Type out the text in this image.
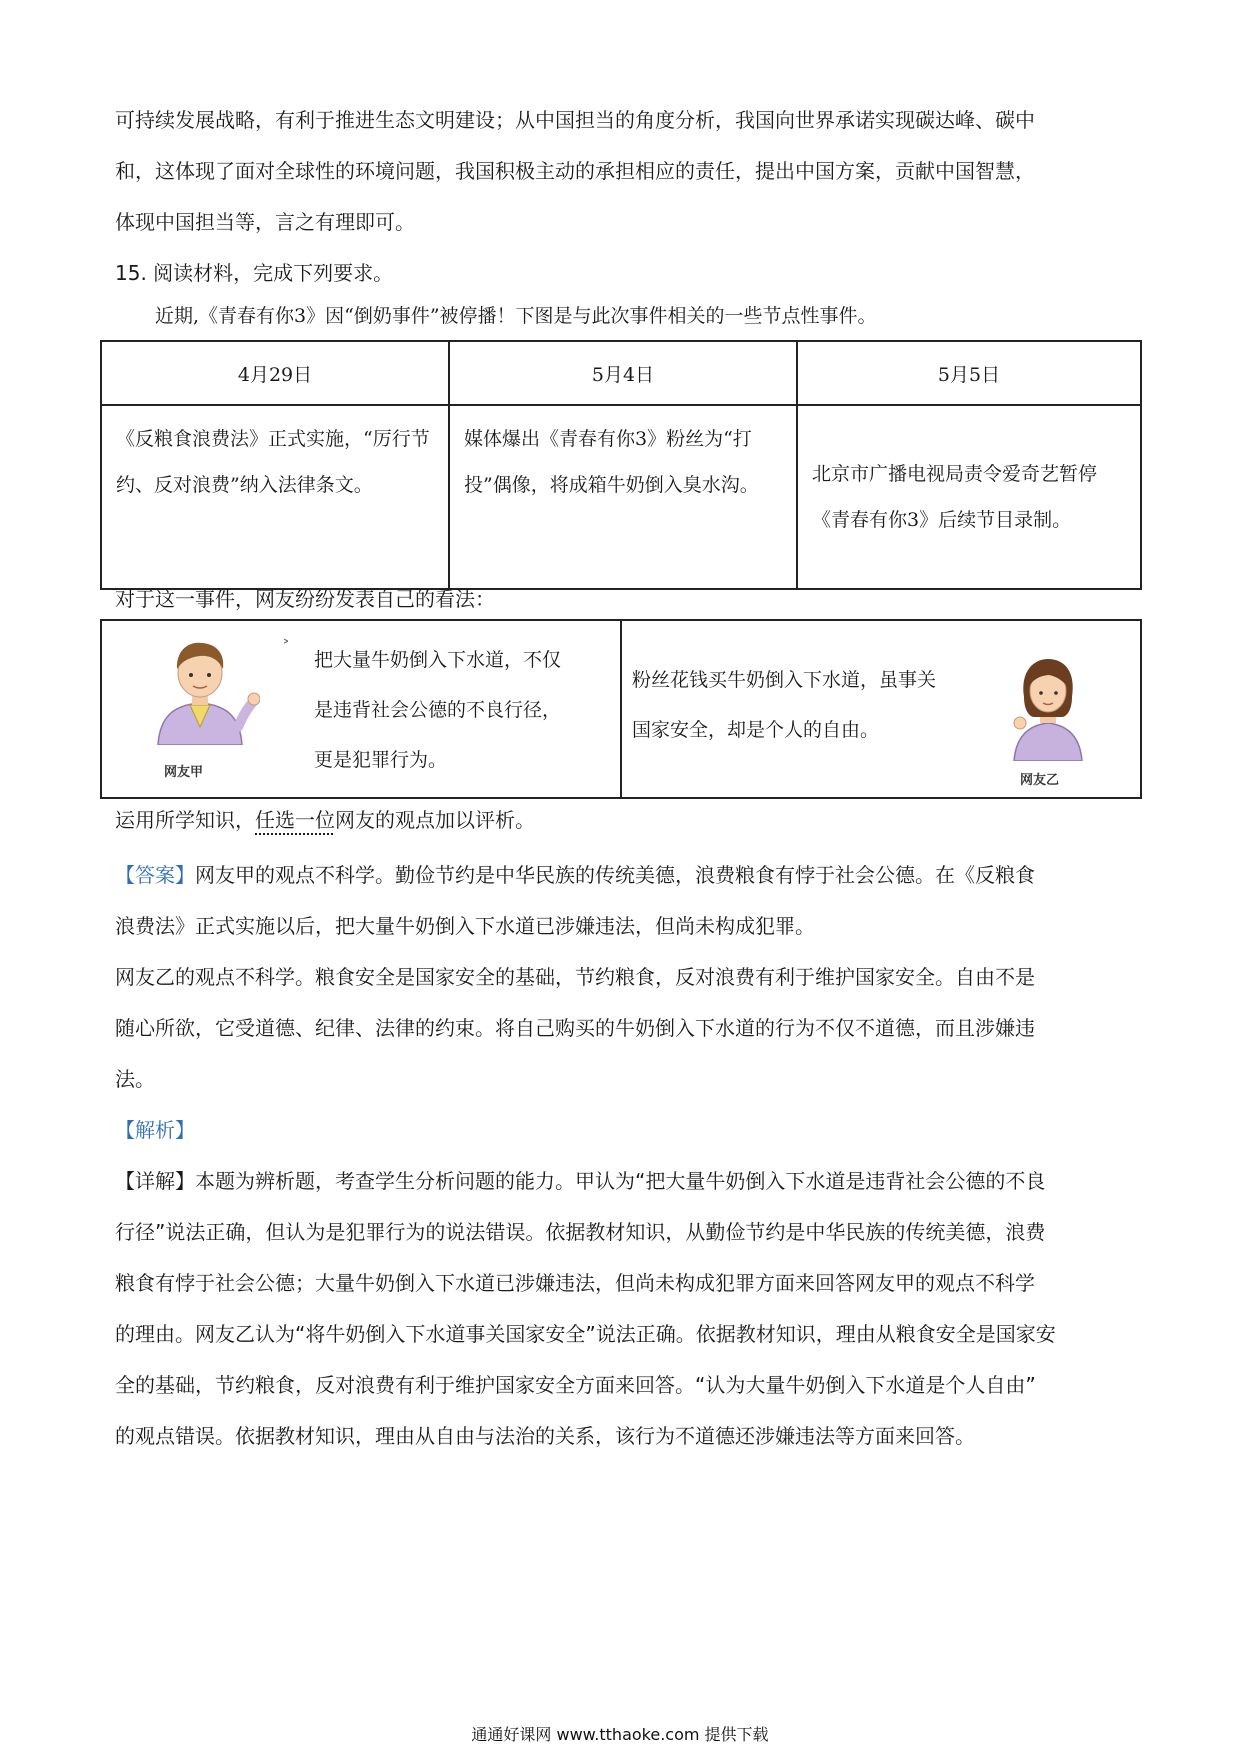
可持续发展战略，有利于推进生态文明建设；从中国担当的角度分析，我国向世界承诺实现碳达峰、碳中

和，这体现了面对全球性的环境问题，我国积极主动的承担相应的责任，提出中国方案，贡献中国智慧，

体现中国担当等，言之有理即可。

15. 阅读材料，完成下列要求。

近期,《青春有你3》因“倒奶事件”被停播！下图是与此次事件相关的一些节点性事件。

4月29日	5月4日	5月5日
《反粮食浪费法》正式实施，“厉行节约、反对浪费”纳入法律条文。	媒体爆出《青春有你3》粉丝为“打投”偶像，将成箱牛奶倒入臭水沟。	北京市广播电视局责令爱奇艺暂停《青春有你3》后续节目录制。

对于这一事件，网友纷纷发表自己的看法：

网友甲
˃
把大量牛奶倒入下水道，不仅
是违背社会公德的不良行径，
更是犯罪行为。
粉丝花钱买牛奶倒入下水道，虽事关
国家安全，却是个人的自由。
网友乙

运用所学知识，任选一位网友的观点加以评析。

【答案】网友甲的观点不科学。勤俭节约是中华民族的传统美德，浪费粮食有悖于社会公德。在《反粮食

浪费法》正式实施以后，把大量牛奶倒入下水道已涉嫌违法，但尚未构成犯罪。

网友乙的观点不科学。粮食安全是国家安全的基础，节约粮食，反对浪费有利于维护国家安全。自由不是

随心所欲，它受道德、纪律、法律的约束。将自己购买的牛奶倒入下水道的行为不仅不道德，而且涉嫌违

法。

【解析】

【详解】本题为辨析题，考查学生分析问题的能力。甲认为“把大量牛奶倒入下水道是违背社会公德的不良

行径”说法正确，但认为是犯罪行为的说法错误。依据教材知识，从勤俭节约是中华民族的传统美德，浪费

粮食有悖于社会公德；大量牛奶倒入下水道已涉嫌违法，但尚未构成犯罪方面来回答网友甲的观点不科学

的理由。网友乙认为“将牛奶倒入下水道事关国家安全”说法正确。依据教材知识，理由从粮食安全是国家安

全的基础，节约粮食，反对浪费有利于维护国家安全方面来回答。“认为大量牛奶倒入下水道是个人自由”

的观点错误。依据教材知识，理由从自由与法治的关系，该行为不道德还涉嫌违法等方面来回答。

通通好课网 www.tthaoke.com 提供下载
